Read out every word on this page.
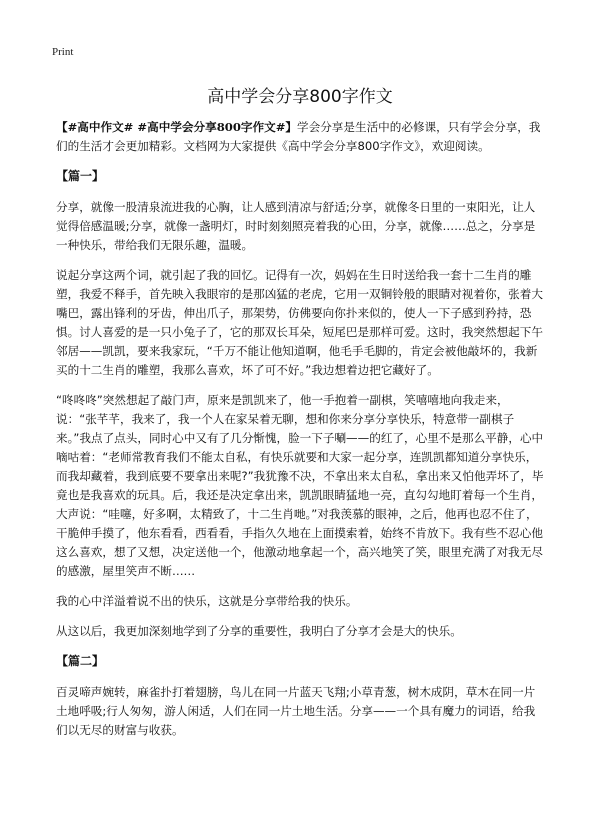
Print
高中学会分享800字作文

【#高中作文# #高中学会分享800字作文#】学会分享是生活中的必修课，只有学会分享，我们的生活才会更加精彩。文档网为大家提供《高中学会分享800字作文》，欢迎阅读。

【篇一】

分享，就像一股清泉流进我的心胸，让人感到清凉与舒适;分享，就像冬日里的一束阳光，让人觉得倍感温暖;分享，就像一盏明灯，时时刻刻照亮着我的心田，分享，就像……总之，分享是一种快乐，带给我们无限乐趣，温暖。

说起分享这两个词，就引起了我的回忆。记得有一次，妈妈在生日时送给我一套十二生肖的雕塑，我爱不释手，首先映入我眼帘的是那凶猛的老虎，它用一双铜铃般的眼睛对视着你，张着大嘴巴，露出锋利的牙齿，伸出爪子，那架势，仿佛要向你扑来似的，使人一下子感到矜持，恐惧。讨人喜爱的是一只小兔子了，它的那双长耳朵，短尾巴是那样可爱。这时，我突然想起下午邻居——凯凯，要来我家玩，“千万不能让他知道啊，他毛手毛脚的，肯定会被他敲坏的，我新买的十二生肖的雕塑，我那么喜欢，坏了可不好。”我边想着边把它藏好了。

“咚咚咚”突然想起了敲门声，原来是凯凯来了，他一手抱着一副棋，笑嘻嘻地向我走来，说：“张芊芊，我来了，我一个人在家呆着无聊，想和你来分享分享快乐，特意带一副棋子来。”我点了点头，同时心中又有了几分惭愧，脸一下子唰——的红了，心里不是那么平静，心中嘀咕着：“老师常教育我们不能太自私，有快乐就要和大家一起分享，连凯凯都知道分享快乐，而我却藏着，我到底要不要拿出来呢?”我犹豫不决，不拿出来太自私，拿出来又怕他弄坏了，毕竟也是我喜欢的玩具。后，我还是决定拿出来，凯凯眼睛猛地一亮，直勾勾地盯着每一个生肖，大声说：“哇噻，好多啊，太精致了，十二生肖哋。”对我羡慕的眼神，之后，他再也忍不住了，干脆伸手摸了，他东看看，西看看，手指久久地在上面摸索着，始终不肯放下。我有些不忍心他这么喜欢，想了又想，决定送他一个，他激动地拿起一个，高兴地笑了笑，眼里充满了对我无尽的感激，屋里笑声不断……

我的心中洋溢着说不出的快乐，这就是分享带给我的快乐。

从这以后，我更加深刻地学到了分享的重要性，我明白了分享才会是大的快乐。

【篇二】

百灵啼声婉转，麻雀扑打着翅膀，鸟儿在同一片蓝天飞翔;小草青葱，树木成阴，草木在同一片土地呼吸;行人匆匆，游人闲适，人们在同一片土地生活。分享——一个具有魔力的词语，给我们以无尽的财富与收获。
